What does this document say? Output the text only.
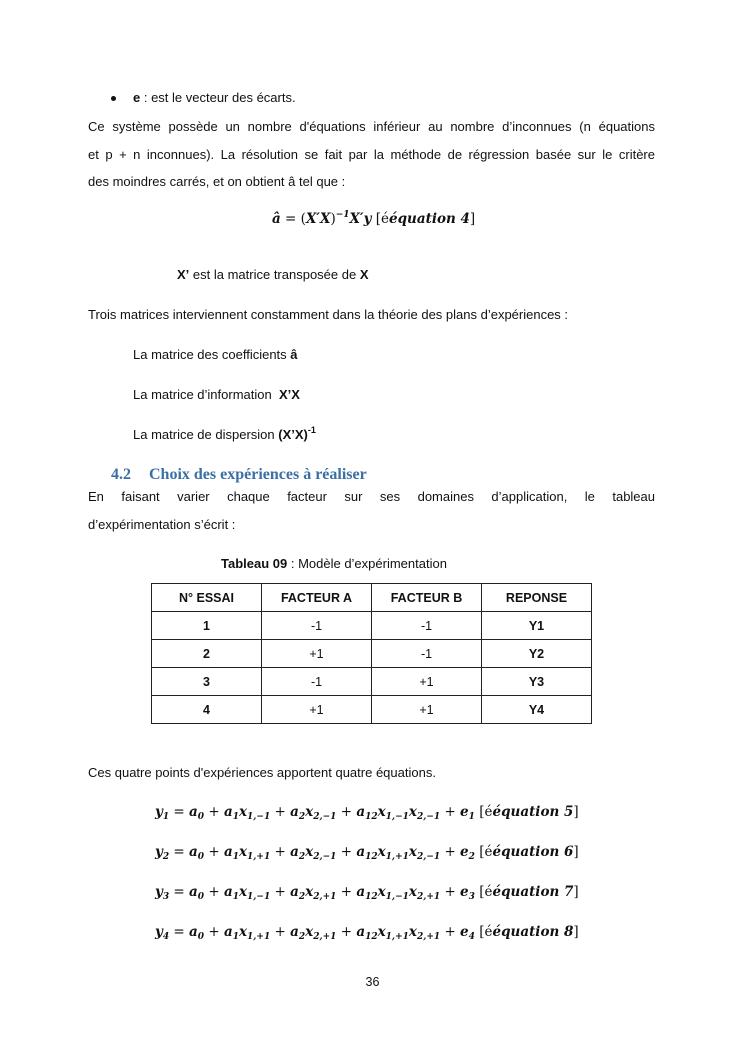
e : est le vecteur des écarts.
Ce système possède un nombre d'équations inférieur au nombre d’inconnues (n équations
et p + n inconnues). La résolution se fait par la méthode de régression basée sur le critère
des moindres carrés, et on obtient â tel que :
â = $(X'X)^{-1}X'y$ [ééquation 4]
X’ est la matrice transposée de X
Trois matrices interviennent constamment dans la théorie des plans d’expériences :
La matrice des coefficients â
La matrice d’information  X’X
La matrice de dispersion (X’X)$^{-1}$
4.2 Choix des expériences à réaliser
En faisant varier chaque facteur sur ses domaines d’application, le tableau
d’expérimentation s’écrit :
Tableau 09 : Modèle d’expérimentation
N° ESSAI	FACTEUR A	FACTEUR B	REPONSE
1	-1	-1	Y1
2	+1	-1	Y2
3	-1	+1	Y3
4	+1	+1	Y4
Ces quatre points d'expériences apportent quatre équations.
$y_1 = a_0 + a_1x_{1,-1} + a_2x_{2,-1} + a_{12}x_{1,-1}x_{2,-1} + e_1$ [ééquation 5]
$y_2 = a_0 + a_1x_{1,+1} + a_2x_{2,-1} + a_{12}x_{1,+1}x_{2,-1} + e_2$ [ééquation 6]
$y_3 = a_0 + a_1x_{1,-1} + a_2x_{2,+1} + a_{12}x_{1,-1}x_{2,+1} + e_3$ [ééquation 7]
$y_4 = a_0 + a_1x_{1,+1} + a_2x_{2,+1} + a_{12}x_{1,+1}x_{2,+1} + e_4$ [ééquation 8]
36
